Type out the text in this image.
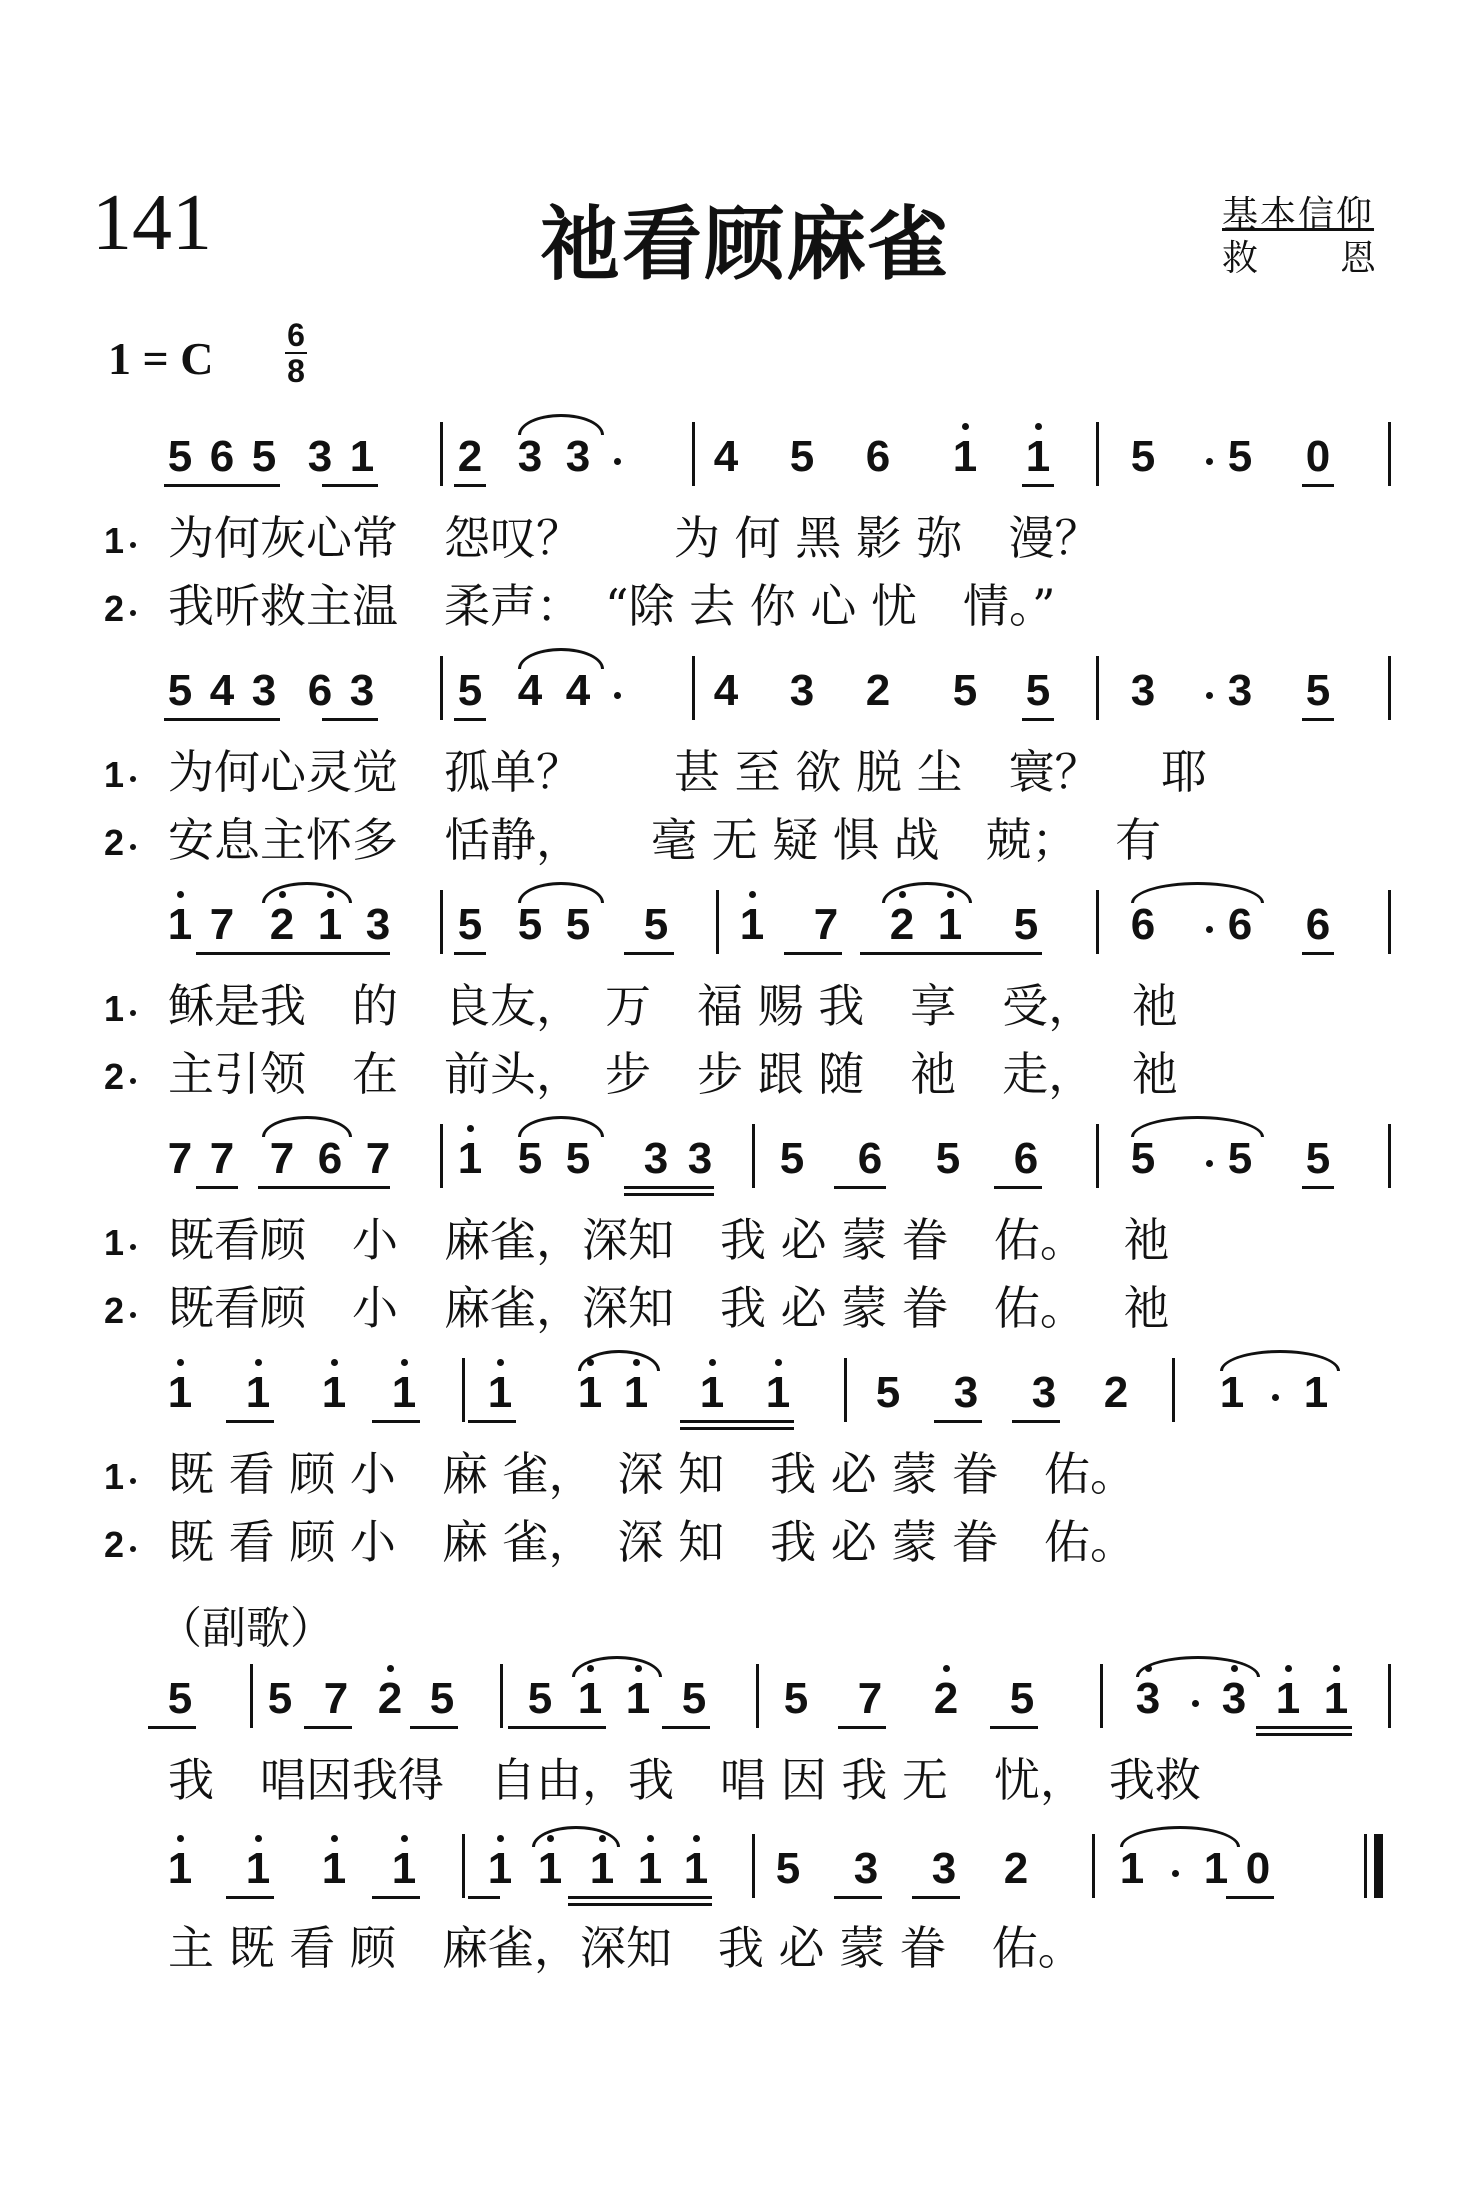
141	祂看顾麻雀	基本信仰
救 恩
1 = C 6
8
5 6 5 3 1 2 3 3	4 5 6 1 1 5 5 0
1 为何灰心常　怨叹？　　为 何 黑 影 弥　漫？
2 我听救主温　柔声：　“除 去 你 心 忧　情。”
5 4 3 6 3 5 4 4	4 3 2 5 5 3 3 5
1 为何心灵觉　孤单？　　甚 至 欲 脱 尘　寰？　 耶
2 安息主怀多　恬静，　　毫 无 疑 惧 战　兢；　 有
1 7 2 1 3 5 5 5 5 1 7 2 1 5 6 6 6
1 稣是我　的　良友，　万　福 赐 我　享　受，　 祂
2 主引领　在　前头，　步　步 跟 随　祂　走，　 祂
7 7 7 6 7 1 5 5 3 3 5 6 5 6 5 5 5
1 既看顾　小　麻雀，深知　我 必 蒙 眷　佑。　 祂
2 既看顾　小　麻雀，深知　我 必 蒙 眷　佑。　 祂
1 1 1 1 1 1 1 1 1 5 3 3 2 1 1
1 既 看 顾 小　麻 雀，　深 知　我 必 蒙 眷　佑。
2 既 看 顾 小　麻 雀，　深 知　我 必 蒙 眷　佑。
（副歌）
5 5 7 2 5 5 1 1 5 5 7 2 5 3 3 1 1
我　唱因我得　自由，我　唱 因 我 无　忧，　我救
1 1 1 1 1 1 1 1 1 5 3 3 2 1 1 0
主 既 看 顾　麻雀，深知　我 必 蒙 眷　佑。
